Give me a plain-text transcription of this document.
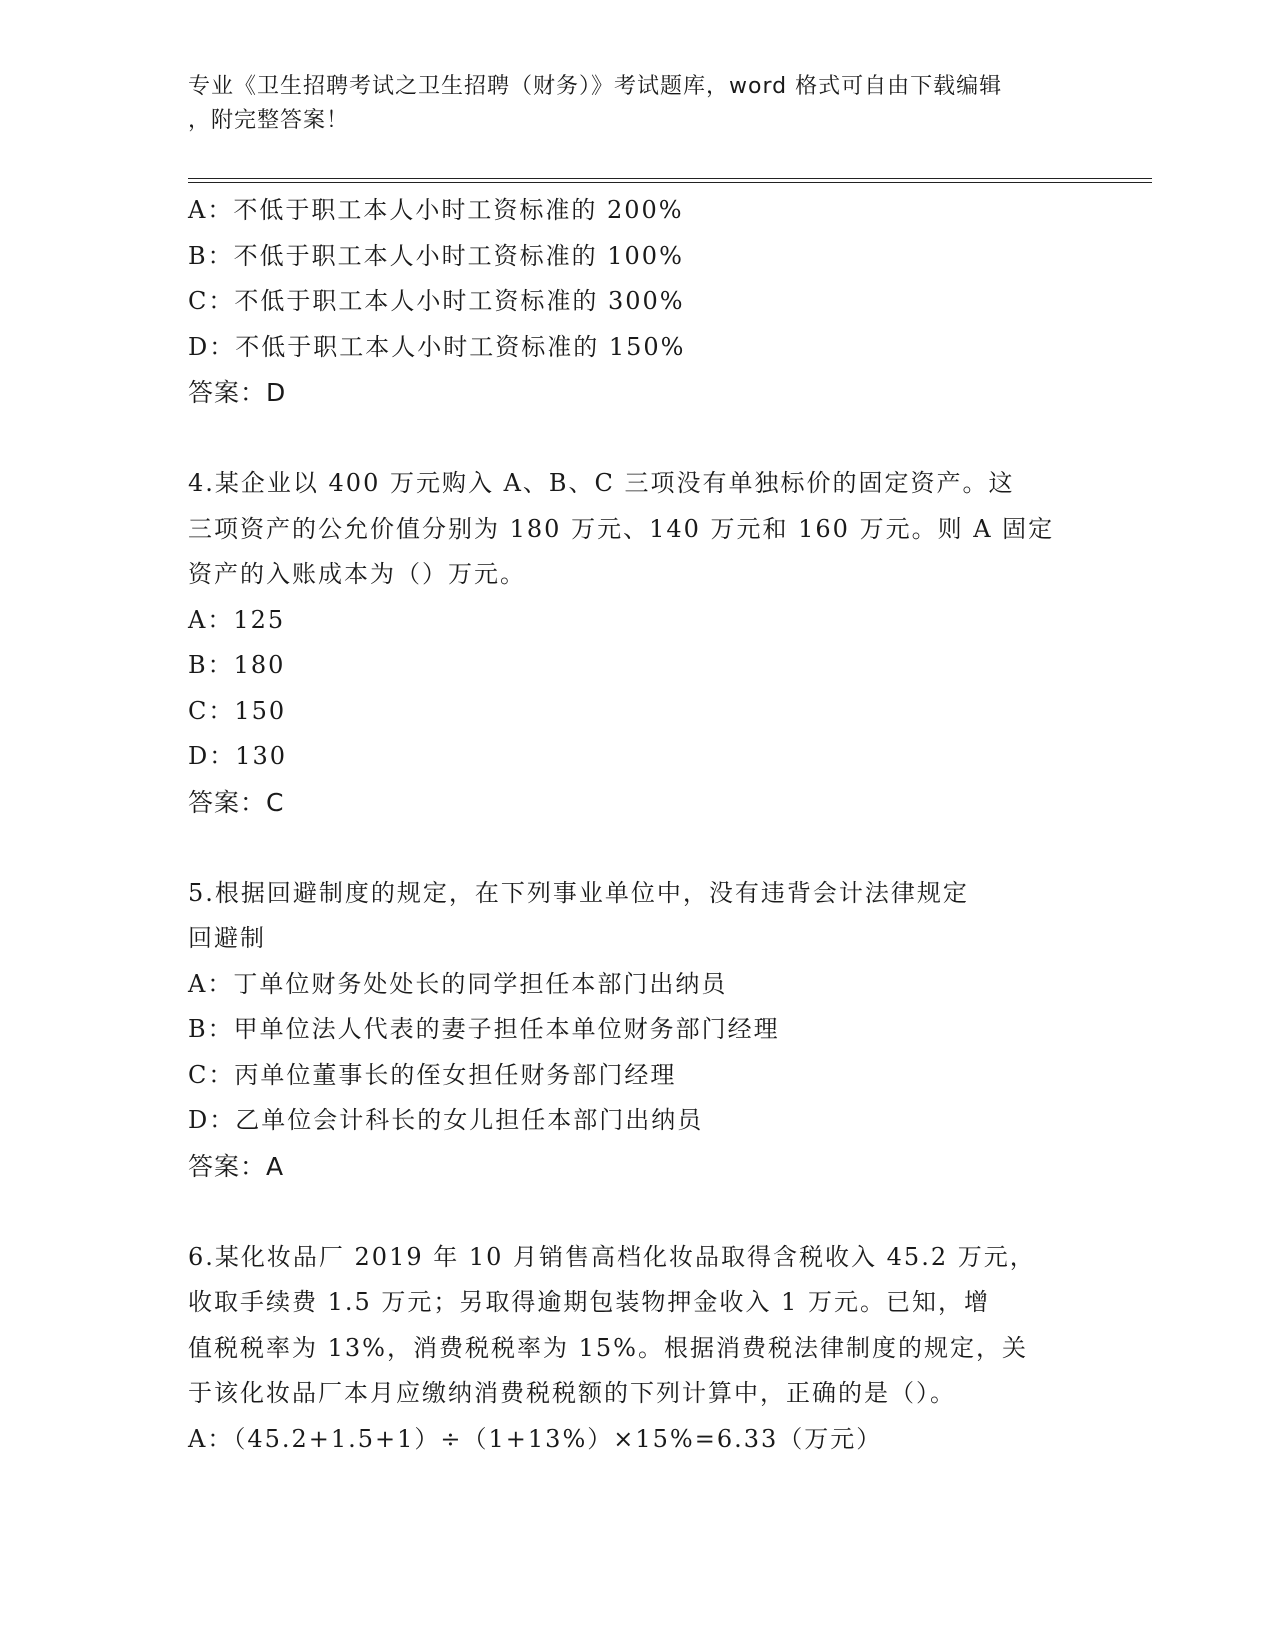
专业《卫生招聘考试之卫生招聘（财务）》考试题库，word 格式可自由下载编辑
，附完整答案！
A：不低于职工本人小时工资标准的 200%
B：不低于职工本人小时工资标准的 100%
C：不低于职工本人小时工资标准的 300%
D：不低于职工本人小时工资标准的 150%
答案：D
4.某企业以 400 万元购入 A、B、C 三项没有单独标价的固定资产。这
三项资产的公允价值分别为 180 万元、140 万元和 160 万元。则 A 固定
资产的入账成本为（）万元。
A：125
B：180
C：150
D：130
答案：C
5.根据回避制度的规定，在下列事业单位中，没有违背会计法律规定
回避制
A：丁单位财务处处长的同学担任本部门出纳员
B：甲单位法人代表的妻子担任本单位财务部门经理
C：丙单位董事长的侄女担任财务部门经理
D：乙单位会计科长的女儿担任本部门出纳员
答案：A
6.某化妆品厂 2019 年 10 月销售高档化妆品取得含税收入 45.2 万元，
收取手续费 1.5 万元；另取得逾期包装物押金收入 1 万元。已知，增
值税税率为 13%，消费税税率为 15%。根据消费税法律制度的规定，关
于该化妆品厂本月应缴纳消费税税额的下列计算中，正确的是（）。
A：（45.2+1.5+1）÷（1+13%）×15%=6.33（万元）
